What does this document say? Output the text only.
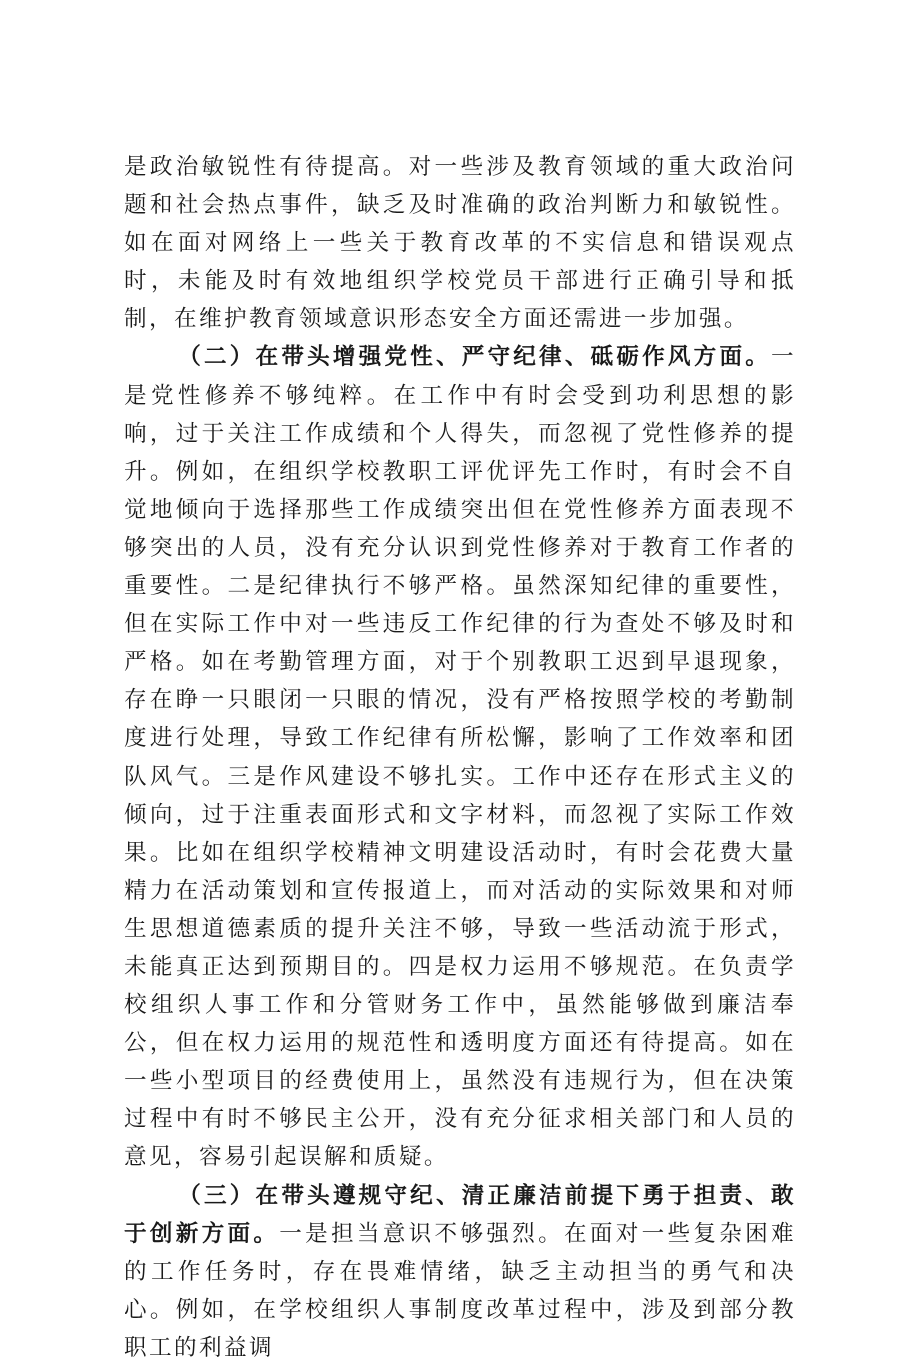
是政治敏锐性有待提高。对一些涉及教育领域的重大政治问题和社会热点事件，缺乏及时准确的政治判断力和敏锐性。如在面对网络上一些关于教育改革的不实信息和错误观点时，未能及时有效地组织学校党员干部进行正确引导和抵制，在维护教育领域意识形态安全方面还需进一步加强。

（二）在带头增强党性、严守纪律、砥砺作风方面。一是党性修养不够纯粹。在工作中有时会受到功利思想的影响，过于关注工作成绩和个人得失，而忽视了党性修养的提升。例如，在组织学校教职工评优评先工作时，有时会不自觉地倾向于选择那些工作成绩突出但在党性修养方面表现不够突出的人员，没有充分认识到党性修养对于教育工作者的重要性。二是纪律执行不够严格。虽然深知纪律的重要性，但在实际工作中对一些违反工作纪律的行为查处不够及时和严格。如在考勤管理方面，对于个别教职工迟到早退现象，存在睁一只眼闭一只眼的情况，没有严格按照学校的考勤制度进行处理，导致工作纪律有所松懈，影响了工作效率和团队风气。三是作风建设不够扎实。工作中还存在形式主义的倾向，过于注重表面形式和文字材料，而忽视了实际工作效果。比如在组织学校精神文明建设活动时，有时会花费大量精力在活动策划和宣传报道上，而对活动的实际效果和对师生思想道德素质的提升关注不够，导致一些活动流于形式，未能真正达到预期目的。四是权力运用不够规范。在负责学校组织人事工作和分管财务工作中，虽然能够做到廉洁奉公，但在权力运用的规范性和透明度方面还有待提高。如在一些小型项目的经费使用上，虽然没有违规行为，但在决策过程中有时不够民主公开，没有充分征求相关部门和人员的意见，容易引起误解和质疑。

（三）在带头遵规守纪、清正廉洁前提下勇于担责、敢于创新方面。一是担当意识不够强烈。在面对一些复杂困难的工作任务时，存在畏难情绪，缺乏主动担当的勇气和决心。例如，在学校组织人事制度改革过程中，涉及到部分教职工的利益调
